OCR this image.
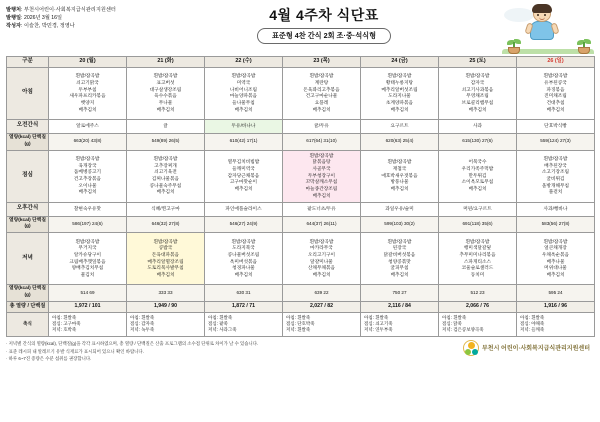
발행처: 부천시어린이·사회복지급식관리지원센터
발행일: 2026년 3월 16일
작성자: 이슬찬, 박민경, 정영나
4월 4주차 식단표
표준형 4찬 간식 2회 조·중·석식형
구분	20 (월)	21 (화)	22 (수)	23 (목)	24 (금)	25 (토)	26 (일)
아침	흰밥/잡곡밥
쇠고기맑국
두부부침
새우파프리카볶음
햇양지
배추김치	흰밥/잡곡밥
표고버섯
대구살생강조림
육수수볶음
무나물
배추김치	흰밥/잡곡밥
미역국
나비어니조림
마늘양파볶음
들나물무침
배추김치	흰밥/잡곡밥
계란탕
돈육꽈리고추볶음
건고구마순나물
요플레
배추김치	흰밥/잡곡밥
황태누룽지탕
메추리알버섯조림
도라지나물
초계양파볶음
배추김치	흰밥/잡곡밥
감자국
쇠고기사과볶음
무영채조림
브로콜리햄무침
배추김치	흰밥/잡곡밥
유부된콩국
파징볶음
진미채조림
건대추침
배추김치
오전간식	알로에주스	귤	두유/바나나	귤/두유	요구르트	사과	단호박식빵
열량(kcal) 단백질(g)	663(20) 43(8)	549(89) 26(5)	610(42) 17(1)	617(64) 31(10)	620(63) 25(4)	615(130) 27(6)	559(124) 27(3)
점심	흰밥/잡곡밥
육개장국
돔베병콩고기
건고추장볶음
오이나물
배추김치	흰밥/잡곡밥
고추장찌개
쇠고기육전
김찌나물볶음
콩나물숙주무침
배추김치	열무김치비빔밥
들깨미역국
감자당근채볶음
고구마맛순이
배추김치	흰밥/잡곡밥
닭볶음탕
사골무국
두부청장구이
꼬막살깨소무침
마늘종간장조림
배추김치	흰밥/잡곡밥
재첩국
애호박새우젓볶음
방풍나물
배추김치	어묵국수
우리가족주먹밥
만두튀김
소이옥모토무침
배추김치	흰밥/잡곡밥
배추된장국
소고기장조림
굴비튀김
올방개해무침
풀겉치
오후간식	찰현숙우유맛	식혜/찐고구마	파인애플슬라이스	팥도너츠/두유	과일우유/슬미	머핀/요구르트	사과/뻥바나
열량(kcal) 단백질(g)	586(197) 24(6)	646(32) 27(8)	546(27) 24(9)	644(37) 26(11)	599(103) 30(2)	691(118) 35(6)	583(56) 27(8)
저녁	흰밥/잡곡밥
무거지국
알카슈당구이
크림배추깻잎볶음
양배추김치무침
물김치	흰밥/잡곡밥
콩밥국
돈육대파볶음
매추리알멸장조림
도토리묵사발무침
배추김치	흰밥/잡곡밥
도라지북국
콩나물버섯조림
옥미버섯볶음
청경파나물
배추김치	흰밥/잡곡밥
마카라무국
오리고기구이
달걀미나물
산채무채볶음
배추김치	흰밥/잡곡밥
된장국
닭갈비버섯볶음
청양콩볶맛
굴피무침
배추김치	흰밥/잡곡밥
행미색달갈덮
추무미미나리볶음
스파게티소스
코울슬로샐러드
동치미	흰밥/잡곡밥
얼큰채개장
우채옥순볶음
배추나물
머위대나물
배추김치
열량(kcal) 단백질(g)	514 69	333 33	630 31	639 22	750 27	512 23	595 24
총 열량 / 단백질	1,972 / 101	1,949 / 90	1,872 / 71	2,027 / 82	2,116 / 84	2,066 / 76	1,916 / 96
축식	아침: 흰쌀죽
점심: 고구마죽
저녁: 호박죽	아침: 흰쌀죽
점심: 감자죽
저녁: 녹두죽	아침: 흰쌀죽
점심: 팥죽
저녁: 사과그죽	아침: 흰쌀죽
점심: 단호박죽
저녁: 흰쌀죽	아침: 흰쌀죽
점심: 쇠고기죽
저녁: 연두부죽	아침: 흰쌀죽
점심: 닭죽
저녁: 검은콩보양곡죽	아침: 흰쌀죽
점심: 야채죽
저녁: 들깨죽
· 저녁별 간식의 열량(kcal), 단백질(g)을 각각 표시하였으며, 총 열량 / 단백질은 산출 프로그램의 소수점 단위로 차이가 날 수 있습니다.
· 표준 레시피 내 알레르기 유발 식재료가 표시되어 있으니 확인 바랍니다.
· 하루 6~7진 증량은 수분 섭취를 권장합니다.
부천시 어린이·사회복지급식관리지원센터
